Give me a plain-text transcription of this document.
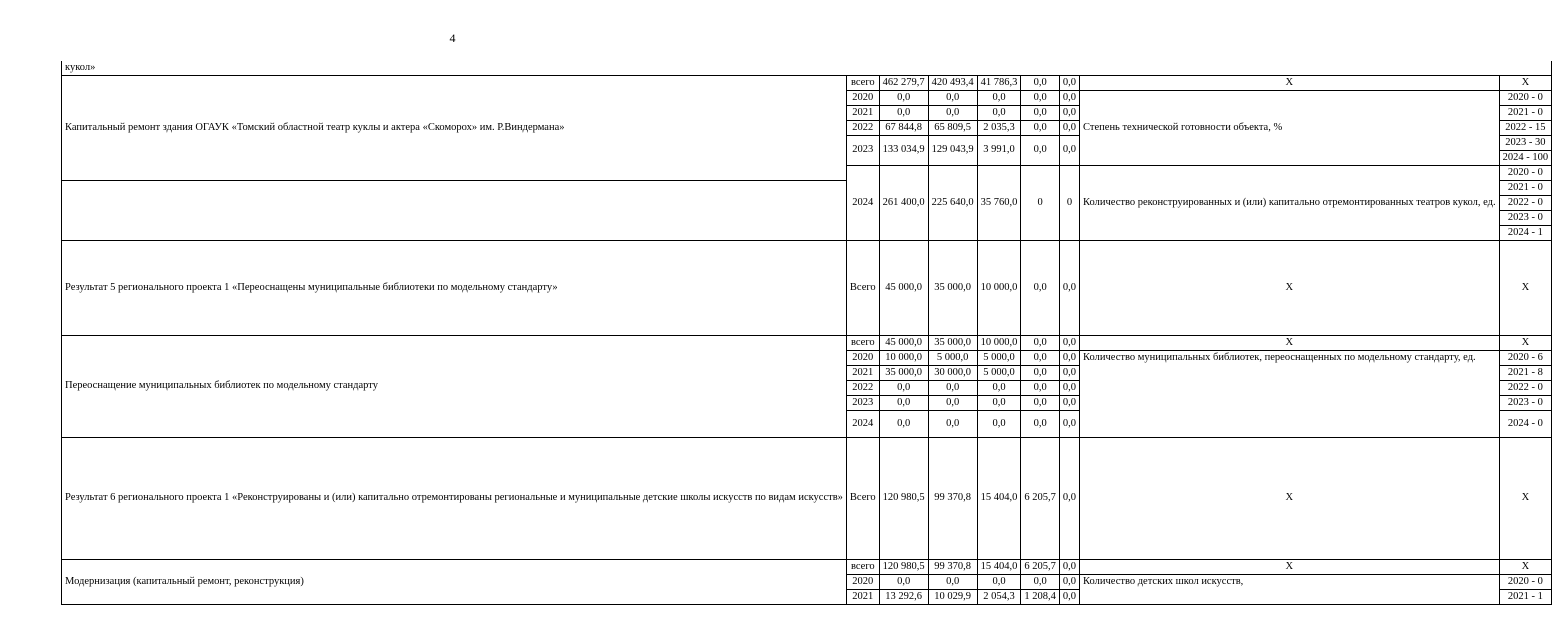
4
кукол»								
Капитальный ремонт здания ОГАУК «Томский областной театр куклы и актера «Скоморох» им. Р.Виндермана»	всего	462 279,7	420 493,4	41 786,3	0,0	0,0	Х	Х
	2020	0,0	0,0	0,0	0,0	0,0	Степень технической готовности объекта, %	2020 - 0
	2021	0,0	0,0	0,0	0,0	0,0		2021 - 0
	2022	67 844,8	65 809,5	2 035,3	0,0	0,0		2022 - 15
	2023	133 034,9	129 043,9	3 991,0	0,0	0,0		2023 - 30
								2024 - 100
	2024	261 400,0	225 640,0	35 760,0	0	0	Количество реконструированных и (или) капитально отремонтированных театров кукол, ед.	2020 - 0
								2021 - 0
								2022 - 0
								2023 - 0
								2024 - 1
Результат 5 регионального проекта 1 «Переоснащены муниципальные библиотеки по модельному стандарту»	Всего	45 000,0	35 000,0	10 000,0	0,0	0,0	Х	Х
Переоснащение муниципальных библиотек по модельному стандарту	всего	45 000,0	35 000,0	10 000,0	0,0	0,0	Х	Х
	2020	10 000,0	5 000,0	5 000,0	0,0	0,0	Количество муниципальных библиотек, переоснащенных по модельному стандарту, ед.	2020 - 6
	2021	35 000,0	30 000,0	5 000,0	0,0	0,0		2021 - 8
	2022	0,0	0,0	0,0	0,0	0,0		2022 - 0
	2023	0,0	0,0	0,0	0,0	0,0		2023 - 0
	2024	0,0	0,0	0,0	0,0	0,0		2024 - 0
Результат 6 регионального проекта 1 «Реконструированы и (или) капитально отремонтированы региональные и муниципальные детские школы искусств по видам искусств»	Всего	120 980,5	99 370,8	15 404,0	6 205,7	0,0	Х	Х
Модернизация (капитальный ремонт, реконструкция)	всего	120 980,5	99 370,8	15 404,0	6 205,7	0,0	Х	Х
	2020	0,0	0,0	0,0	0,0	0,0	Количество детских школ искусств,	2020 - 0
	2021	13 292,6	10 029,9	2 054,3	1 208,4	0,0		2021 - 1
